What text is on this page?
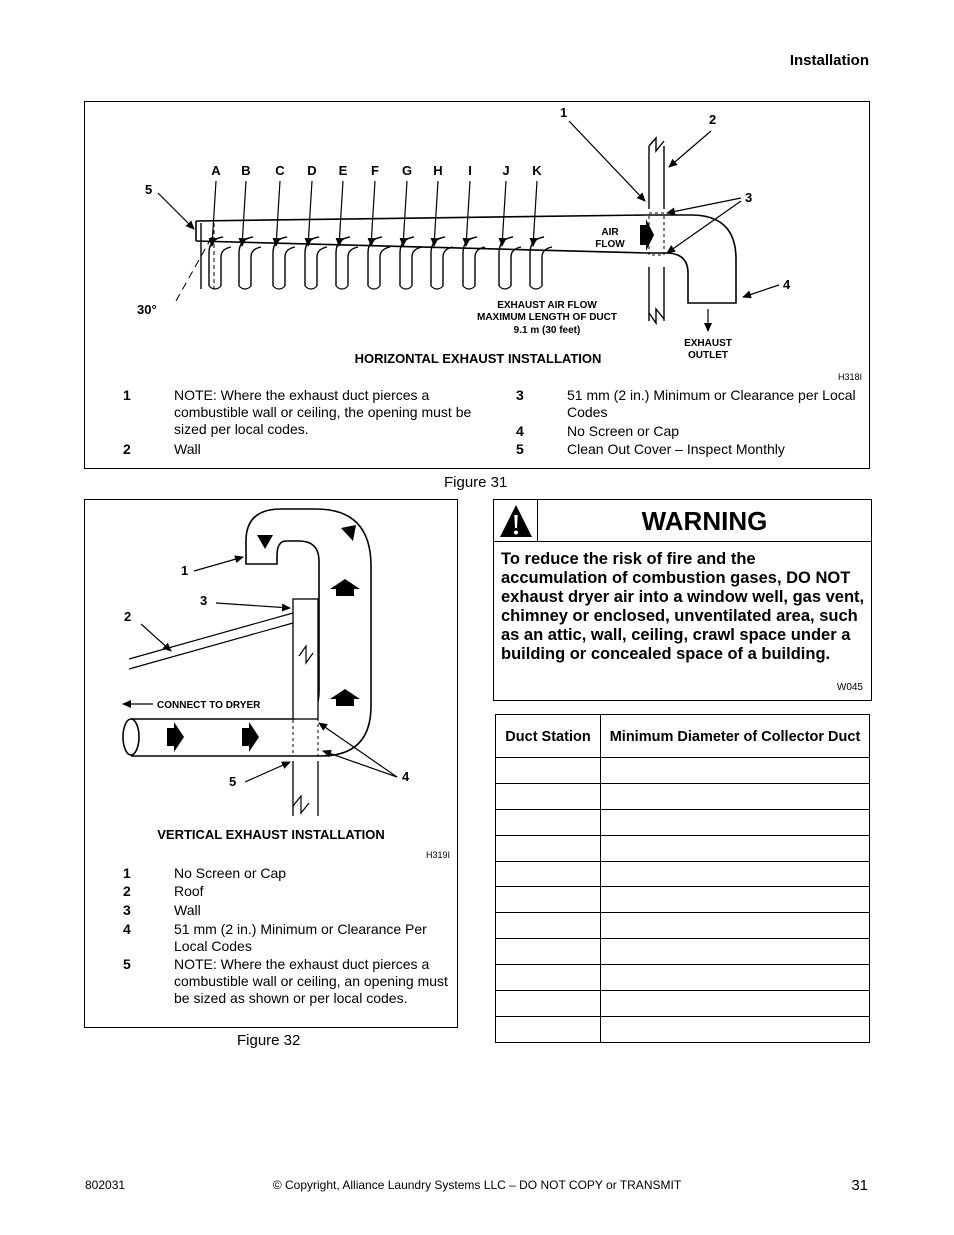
Installation
A B C D E F G H I J K
5
1	2
3
4
30°
AIR
FLOW
EXHAUST AIR FLOW
MAXIMUM LENGTH OF DUCT
9.1 m (30 feet)
EXHAUST
OUTLET
HORIZONTAL EXHAUST INSTALLATION
H318I
1	NOTE: Where the exhaust duct pierces a combustible wall or ceiling, the opening must be sized per local codes.
2	Wall
3	51 mm (2 in.) Minimum or Clearance per Local Codes
4	No Screen or Cap
5	Clean Out Cover – Inspect Monthly
Figure 31
CONNECT TO DRYER
1
2
3
4
5
VERTICAL EXHAUST INSTALLATION
H319I
1	No Screen or Cap
2	Roof
3	Wall
4	51 mm (2 in.) Minimum or Clearance Per Local Codes
5	NOTE: Where the exhaust duct pierces a combustible wall or ceiling, an opening must be sized as shown or per local codes.
Figure 32
WARNING
To reduce the risk of fire and the accumulation of combustion gases, DO NOT exhaust dryer air into a window well, gas vent, chimney or enclosed, unventilated area, such as an attic, wall, ceiling, crawl space under a building or concealed space of a building.
W045
Duct Station	Minimum Diameter of Collector Duct

802031	© Copyright, Alliance Laundry Systems LLC – DO NOT COPY or TRANSMIT	31
